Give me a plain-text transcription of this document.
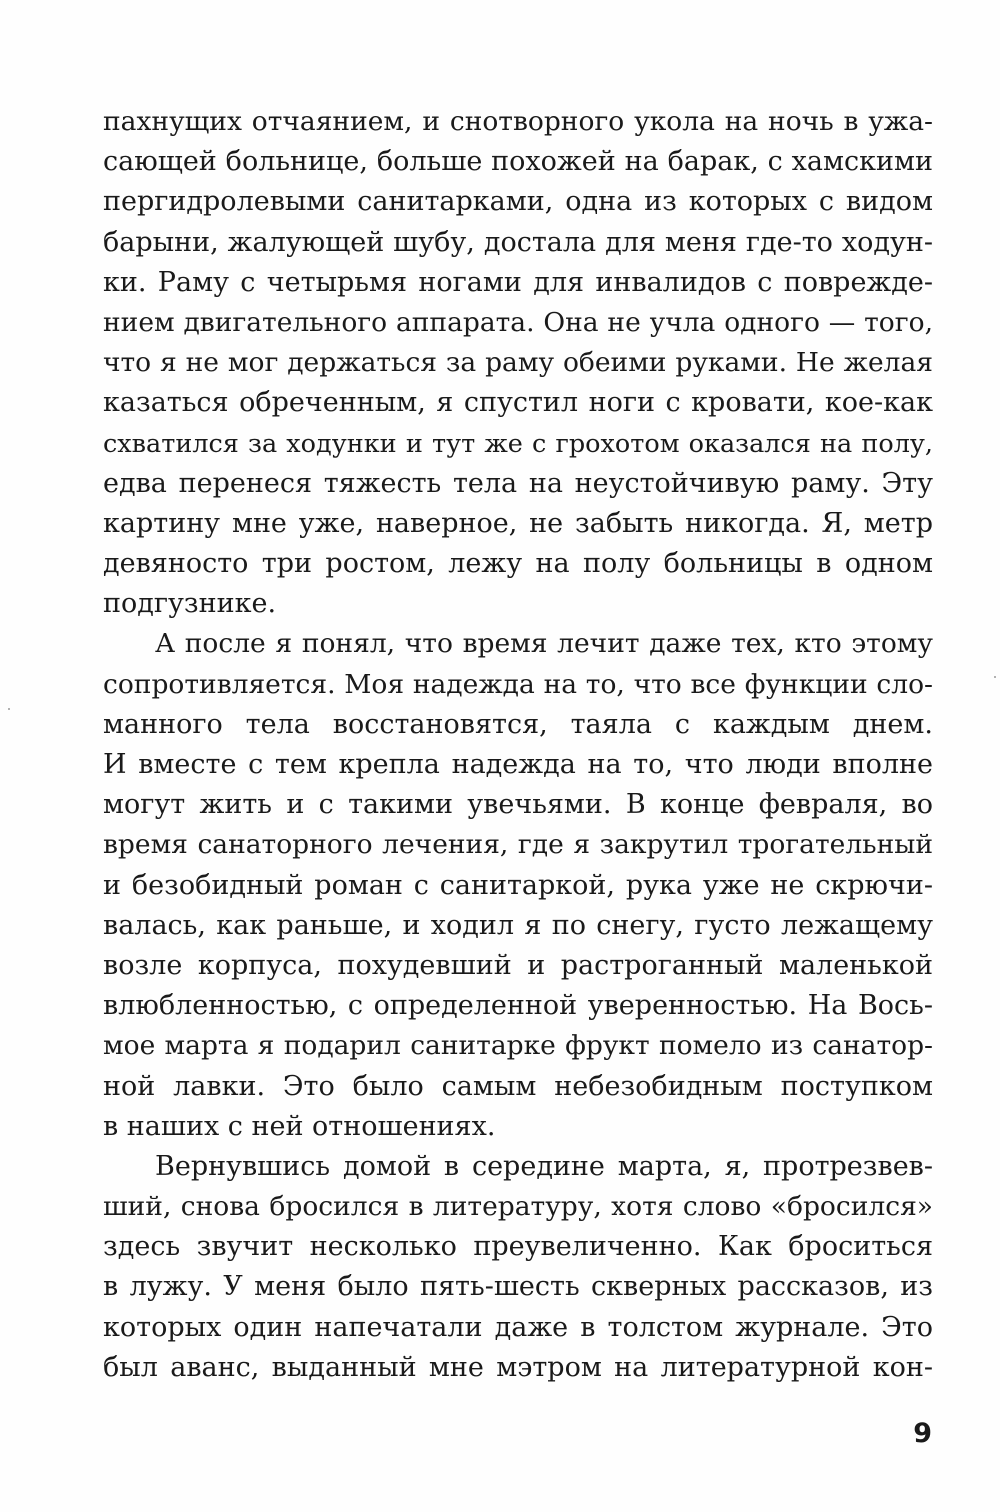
пахнущих отчаянием, и снотворного укола на ночь в ужа-
сающей больнице, больше похожей на барак, с хамскими
пергидролевыми санитарками, одна из которых с видом
барыни, жалующей шубу, достала для меня где-то ходун-
ки. Раму с четырьмя ногами для инвалидов с поврежде-
нием двигательного аппарата. Она не учла одного — того,
что я не мог держаться за раму обеими руками. Не желая
казаться обреченным, я спустил ноги с кровати, кое-как
схватился за ходунки и тут же с грохотом оказался на полу,
едва перенеся тяжесть тела на неустойчивую раму. Эту
картину мне уже, наверное, не забыть никогда. Я, метр
девяносто три ростом, лежу на полу больницы в одном
подгузнике.
А после я понял, что время лечит даже тех, кто этому
сопротивляется. Моя надежда на то, что все функции сло-
манного тела восстановятся, таяла с каждым днем.
И вместе с тем крепла надежда на то, что люди вполне
могут жить и с такими увечьями. В конце февраля, во
время санаторного лечения, где я закрутил трогательный
и безобидный роман с санитаркой, рука уже не скрючи-
валась, как раньше, и ходил я по снегу, густо лежащему
возле корпуса, похудевший и растроганный маленькой
влюбленностью, с определенной уверенностью. На Вось-
мое марта я подарил санитарке фрукт помело из санатор-
ной лавки. Это было самым небезобидным поступком
в наших с ней отношениях.
Вернувшись домой в середине марта, я, протрезвев-
ший, снова бросился в литературу, хотя слово «бросился»
здесь звучит несколько преувеличенно. Как броситься
в лужу. У меня было пять-шесть скверных рассказов, из
которых один напечатали даже в толстом журнале. Это
был аванс, выданный мне мэтром на литературной кон-
9
